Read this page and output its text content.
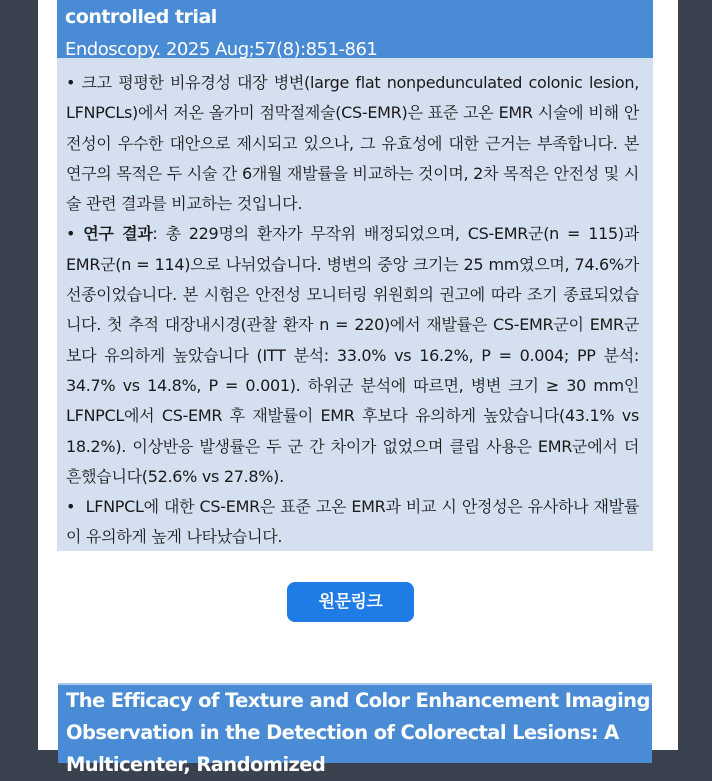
controlled trial
Endoscopy. 2025 Aug;57(8):851-861

• 크고 평평한 비유경성 대장 병변(large flat nonpedunculated colonic lesion, LFNPCLs)에서 저온 올가미 점막절제술(CS-EMR)은 표준 고온 EMR 시술에 비해 안전성이 우수한 대안으로 제시되고 있으나, 그 유효성에 대한 근거는 부족합니다. 본 연구의 목적은 두 시술 간 6개월 재발률을 비교하는 것이며, 2차 목적은 안전성 및 시술 관련 결과를 비교하는 것입니다.

• 연구 결과: 총 229명의 환자가 무작위 배정되었으며, CS-EMR군(n = 115)과 EMR군(n = 114)으로 나뉘었습니다. 병변의 중앙 크기는 25 mm였으며, 74.6%가 선종이었습니다. 본 시험은 안전성 모니터링 위원회의 권고에 따라 조기 종료되었습니다. 첫 추적 대장내시경(관찰 환자 n = 220)에서 재발률은 CS-EMR군이 EMR군보다 유의하게 높았습니다 (ITT 분석: 33.0% vs 16.2%, P = 0.004; PP 분석: 34.7% vs 14.8%, P = 0.001). 하위군 분석에 따르면, 병변 크기 ≥ 30 mm인 LFNPCL에서 CS-EMR 후 재발률이 EMR 후보다 유의하게 높았습니다(43.1% vs 18.2%). 이상반응 발생률은 두 군 간 차이가 없었으며 클립 사용은 EMR군에서 더 흔했습니다(52.6% vs 27.8%).

•  LFNPCL에 대한 CS-EMR은 표준 고온 EMR과 비교 시 안정성은 유사하나 재발률이 유의하게 높게 나타났습니다.

원문링크
The Efficacy of Texture and Color Enhancement Imaging Observation in the Detection of Colorectal Lesions: A Multicenter, Randomized
